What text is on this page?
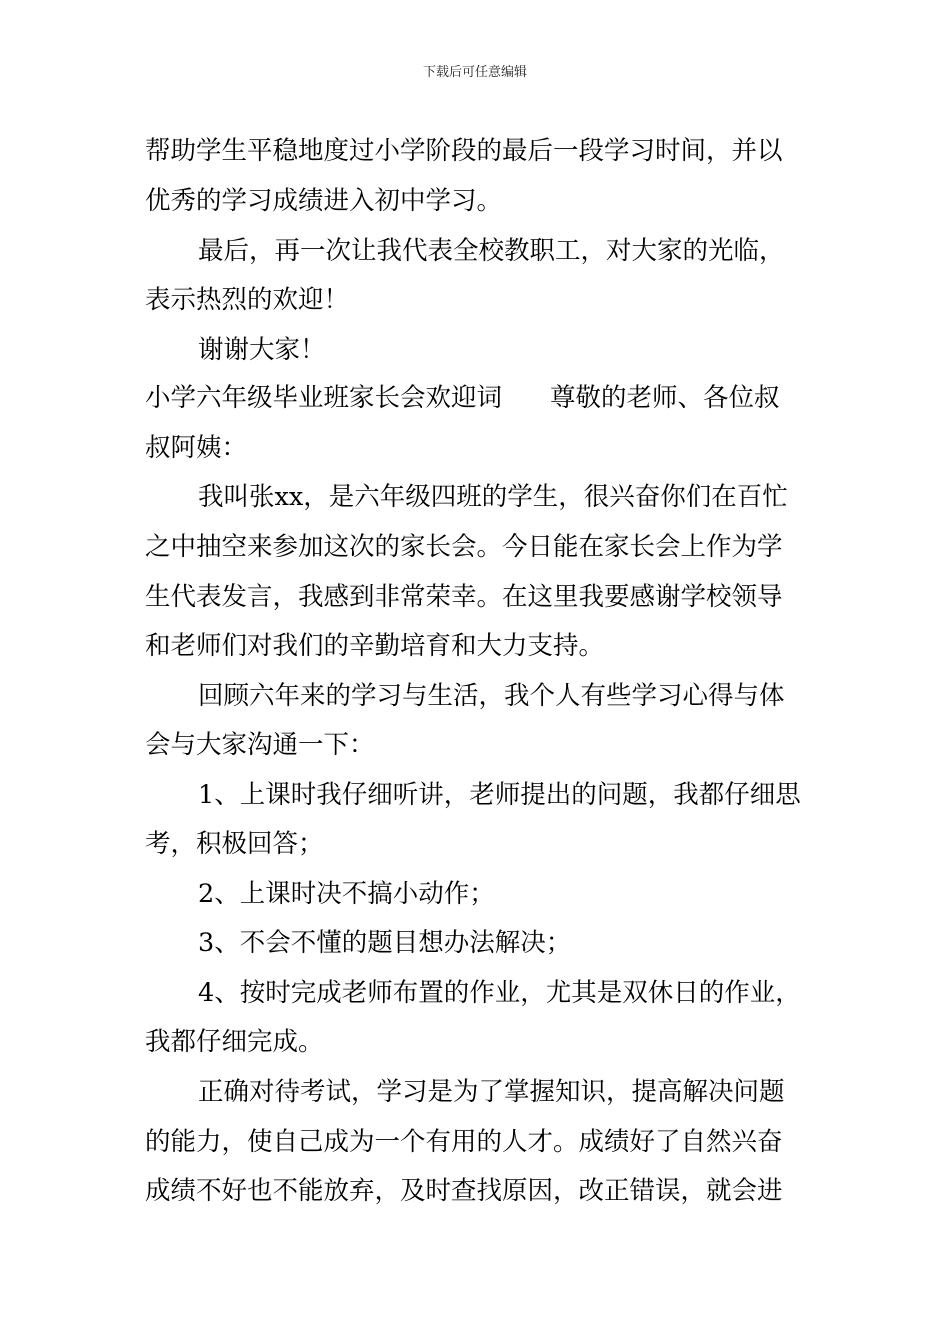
下载后可任意编辑
帮助学生平稳地度过小学阶段的最后一段学习时间，并以
优秀的学习成绩进入初中学习。
最后，再一次让我代表全校教职工，对大家的光临，
表示热烈的欢迎！
谢谢大家！
小学六年级毕业班家长会欢迎词 尊敬的老师、各位叔
叔阿姨：
我叫张xx，是六年级四班的学生，很兴奋你们在百忙
之中抽空来参加这次的家长会。今日能在家长会上作为学
生代表发言，我感到非常荣幸。在这里我要感谢学校领导
和老师们对我们的辛勤培育和大力支持。
回顾六年来的学习与生活，我个人有些学习心得与体
会与大家沟通一下：
1、上课时我仔细听讲，老师提出的问题，我都仔细思
考，积极回答；
2、上课时决不搞小动作；
3、不会不懂的题目想办法解决；
4、按时完成老师布置的作业，尤其是双休日的作业，
我都仔细完成。
正确对待考试，学习是为了掌握知识，提高解决问题
的能力，使自己成为一个有用的人才。成绩好了自然兴奋
成绩不好也不能放弃，及时查找原因，改正错误，就会进
